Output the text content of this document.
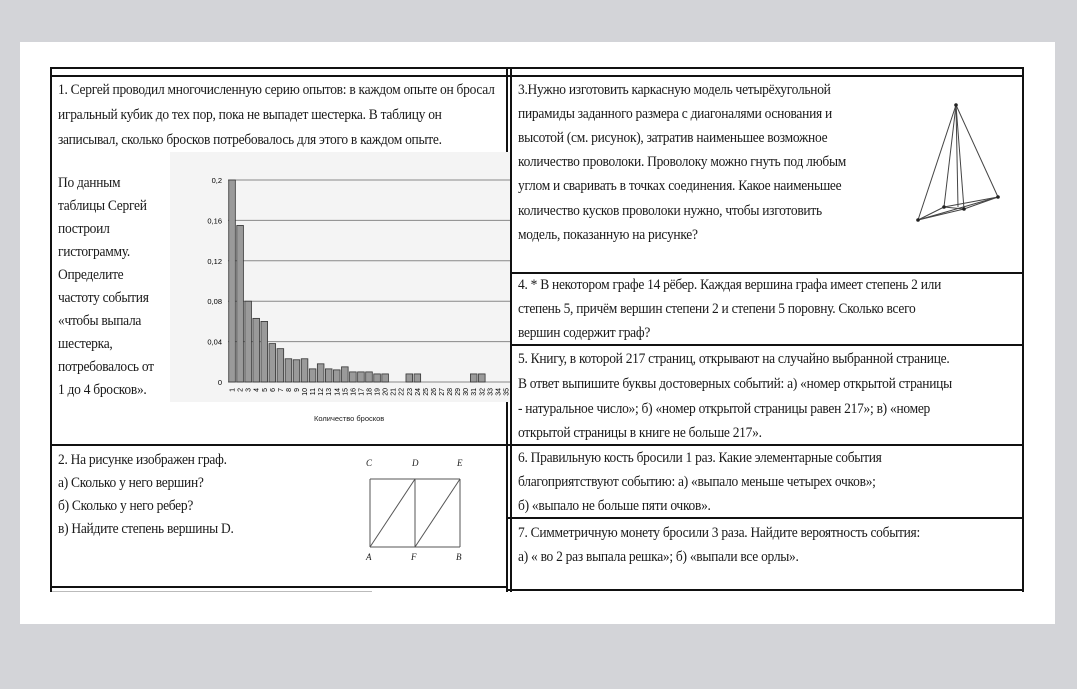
1. Сергей проводил многочисленную серию опытов: в каждом опыте он бросал
игральный кубик до тех пор, пока не выпадет шестерка. В таблицу он
записывал, сколько бросков потребовалось для этого в каждом опыте.
По данным
таблицы Сергей
построил
гистограмму.
Определите
частоту события
«чтобы выпала
шестерка,
потребовалось от
1 до 4 бросков».
Количество бросков
0
0,04
0,08
0,12
0,16
0,2
1 2 3 4 5 6 7 8 9 10 11 12 13 14 15 16 17 18 19 20 21 22 23 24 25 26 27 28 29 30 31 32 33 34 35
2. На рисунке изображен граф.
а) Сколько у него вершин?
б) Сколько у него ребер?
в) Найдите степень вершины D.
C	D	E
A	F	B
3.Нужно изготовить каркасную модель четырёхугольной
пирамиды заданного размера с диагоналями основания и
высотой (см. рисунок), затратив наименьшее возможное
количество проволоки. Проволоку можно гнуть под любым
углом и сваривать в точках соединения. Какое наименьшее
количество кусков проволоки нужно, чтобы изготовить
модель, показанную на рисунке?
4. * В некотором графе 14 рёбер. Каждая вершина графа имеет степень 2 или
степень 5, причём вершин степени 2 и степени 5 поровну. Сколько всего
вершин содержит граф?
5. Книгу, в которой 217 страниц, открывают на случайно выбранной странице.
В ответ выпишите буквы достоверных событий: а) «номер открытой страницы
- натуральное число»; б) «номер открытой страницы равен 217»; в) «номер
открытой страницы в книге не больше 217».
6. Правильную кость бросили 1 раз. Какие элементарные события
благоприятствуют событию: а) «выпало меньше четырех очков»;
б) «выпало не больше пяти очков».
7. Симметричную монету бросили 3 раза. Найдите вероятность события:
а) « во 2 раз выпала решка»; б) «выпали все орлы».
